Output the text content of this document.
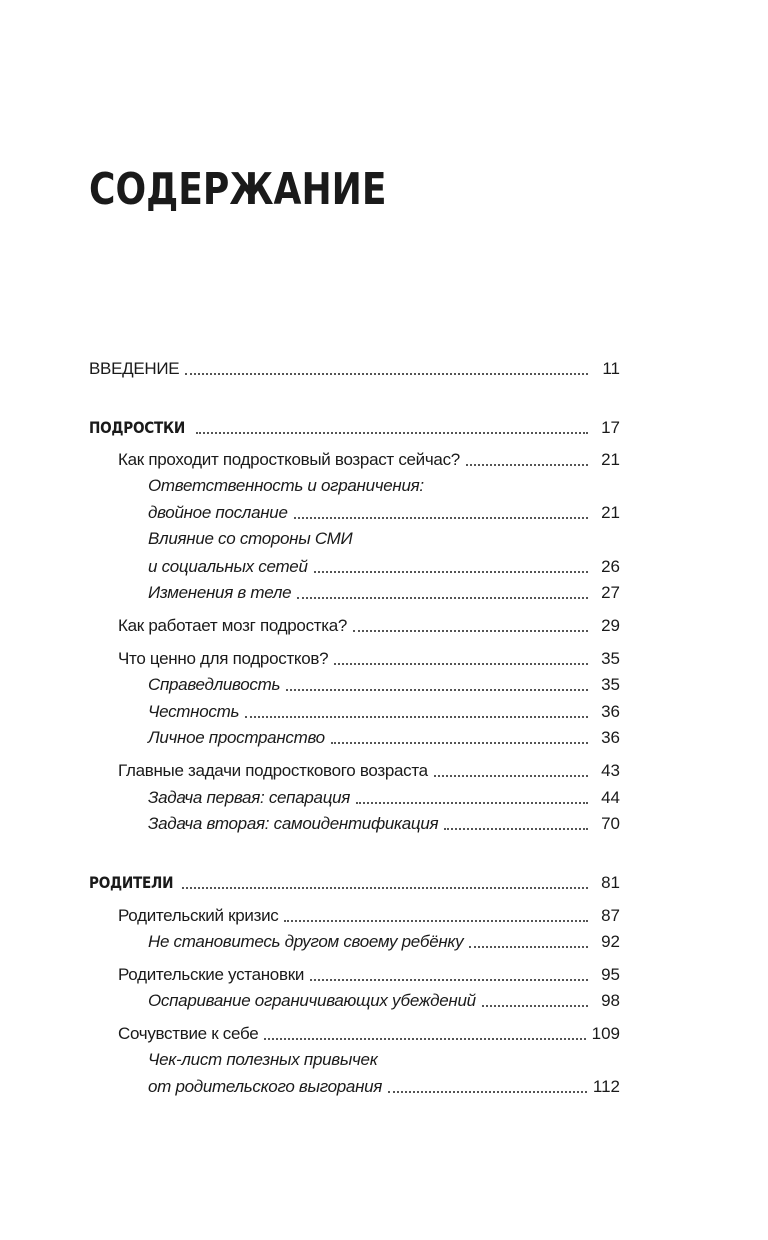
СОДЕРЖАНИЕ
ВВЕДЕНИЕ	11
ПОДРОСТКИ	17
Как проходит подростковый возраст сейчас?	21
Ответственность и ограничения:
двойное послание	21
Влияние со стороны СМИ
и социальных сетей	26
Изменения в теле	27
Как работает мозг подростка?	29
Что ценно для подростков?	35
Справедливость	35
Честность	36
Личное пространство	36
Главные задачи подросткового возраста	43
Задача первая: сепарация	44
Задача вторая: самоидентификация	70
РОДИТЕЛИ	81
Родительский кризис	87
Не становитесь другом своему ребёнку	92
Родительские установки	95
Оспаривание ограничивающих убеждений	98
Сочувствие к себе	109
Чек-лист полезных привычек
от родительского выгорания	112
